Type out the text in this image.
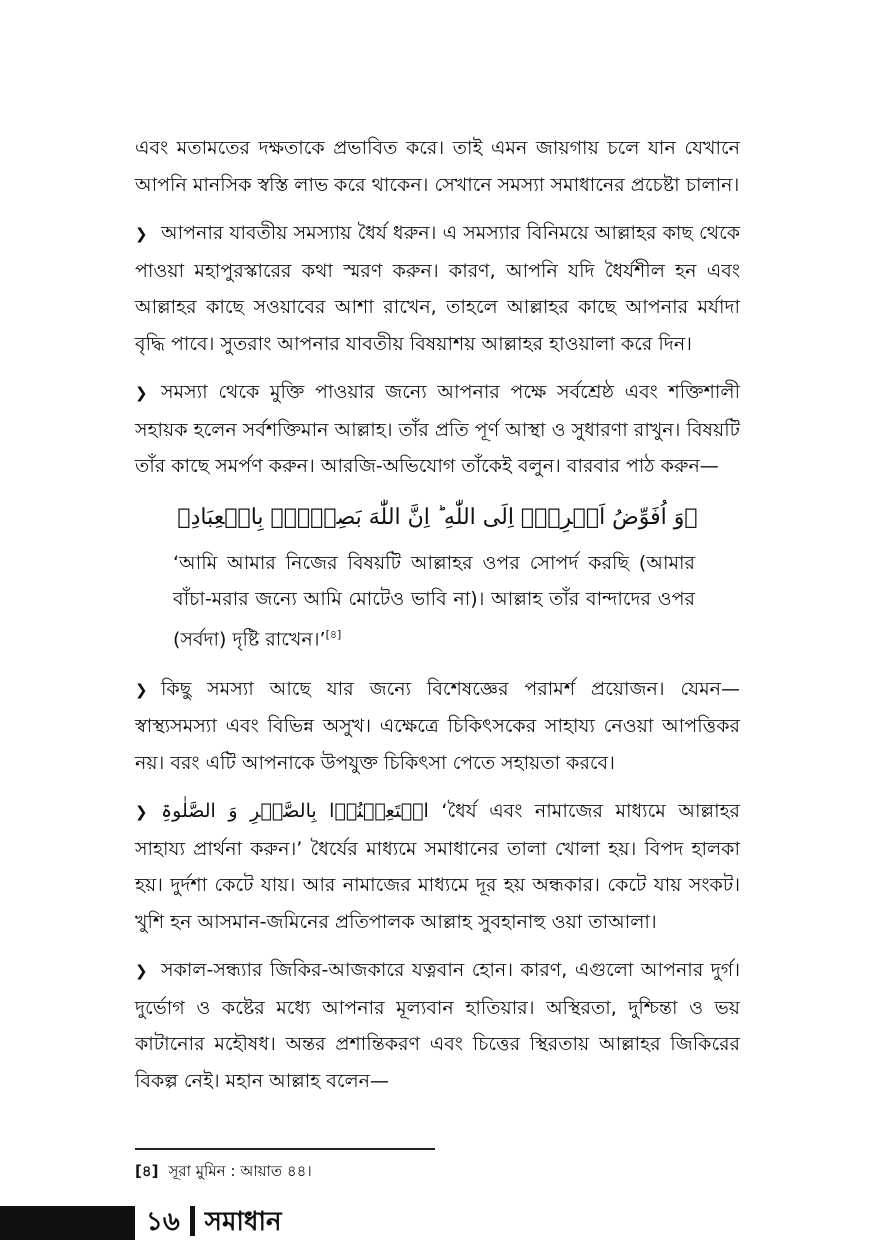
এবং মতামতের দক্ষতাকে প্রভাবিত করে। তাই এমন জায়গায় চলে যান যেখানে আপনি মানসিক স্বস্তি লাভ করে থাকেন। সেখানে সমস্যা সমাধানের প্রচেষ্টা চালান।

❯ আপনার যাবতীয় সমস্যায় ধৈর্য ধরুন। এ সমস্যার বিনিময়ে আল্লাহর কাছ থেকে পাওয়া মহাপুরস্কারের কথা স্মরণ করুন। কারণ, আপনি যদি ধৈর্যশীল হন এবং আল্লাহর কাছে সওয়াবের আশা রাখেন, তাহলে আল্লাহর কাছে আপনার মর্যাদা বৃদ্ধি পাবে। সুতরাং আপনার যাবতীয় বিষয়াশয় আল্লাহর হাওয়ালা করে দিন।

❯ সমস্যা থেকে মুক্তি পাওয়ার জন্যে আপনার পক্ষে সর্বশ্রেষ্ঠ এবং শক্তিশালী সহায়ক হলেন সর্বশক্তিমান আল্লাহ। তাঁর প্রতি পূর্ণ আস্থা ও সুধারণা রাখুন। বিষয়টি তাঁর কাছে সমর্পণ করুন। আরজি-অভিযোগ তাঁকেই বলুন। বারবার পাঠ করুন—

﴿وَ اُفَوِّضُ اَمۡرِیۡۤ اِلَی اللّٰهِ ؕ اِنَّ اللّٰهَ بَصِیۡرٌۢ بِالۡعِبَادِ﴾

‘আমি আমার নিজের বিষয়টি আল্লাহর ওপর সোপর্দ করছি (আমার বাঁচা-মরার জন্যে আমি মোটেও ভাবি না)। আল্লাহ তাঁর বান্দাদের ওপর (সর্বদা) দৃষ্টি রাখেন।’[৪]

❯ কিছু সমস্যা আছে যার জন্যে বিশেষজ্ঞের পরামর্শ প্রয়োজন। যেমন—স্বাস্থ্যসমস্যা এবং বিভিন্ন অসুখ। এক্ষেত্রে চিকিৎসকের সাহায্য নেওয়া আপত্তিকর নয়। বরং এটি আপনাকে উপযুক্ত চিকিৎসা পেতে সহায়তা করবে।

❯ اسۡتَعِیۡنُوۡا بِالصَّبۡرِ وَ الصَّلٰوۃِ ‘ধৈর্য এবং নামাজের মাধ্যমে আল্লাহর সাহায্য প্রার্থনা করুন।’ ধৈর্যের মাধ্যমে সমাধানের তালা খোলা হয়। বিপদ হালকা হয়। দুর্দশা কেটে যায়। আর নামাজের মাধ্যমে দূর হয় অন্ধকার। কেটে যায় সংকট। খুশি হন আসমান-জমিনের প্রতিপালক আল্লাহ সুবহানাহু ওয়া তাআলা।

❯ সকাল-সন্ধ্যার জিকির-আজকারে যত্নবান হোন। কারণ, এগুলো আপনার দুর্গ। দুর্ভোগ ও কষ্টের মধ্যে আপনার মূল্যবান হাতিয়ার। অস্থিরতা, দুশ্চিন্তা ও ভয় কাটানোর মহৌষধ। অন্তর প্রশান্তিকরণ এবং চিত্তের স্থিরতায় আল্লাহর জিকিরের বিকল্প নেই। মহান আল্লাহ বলেন—

[৪] সূরা মুমিন : আয়াত ৪৪।
১৬ সমাধান
